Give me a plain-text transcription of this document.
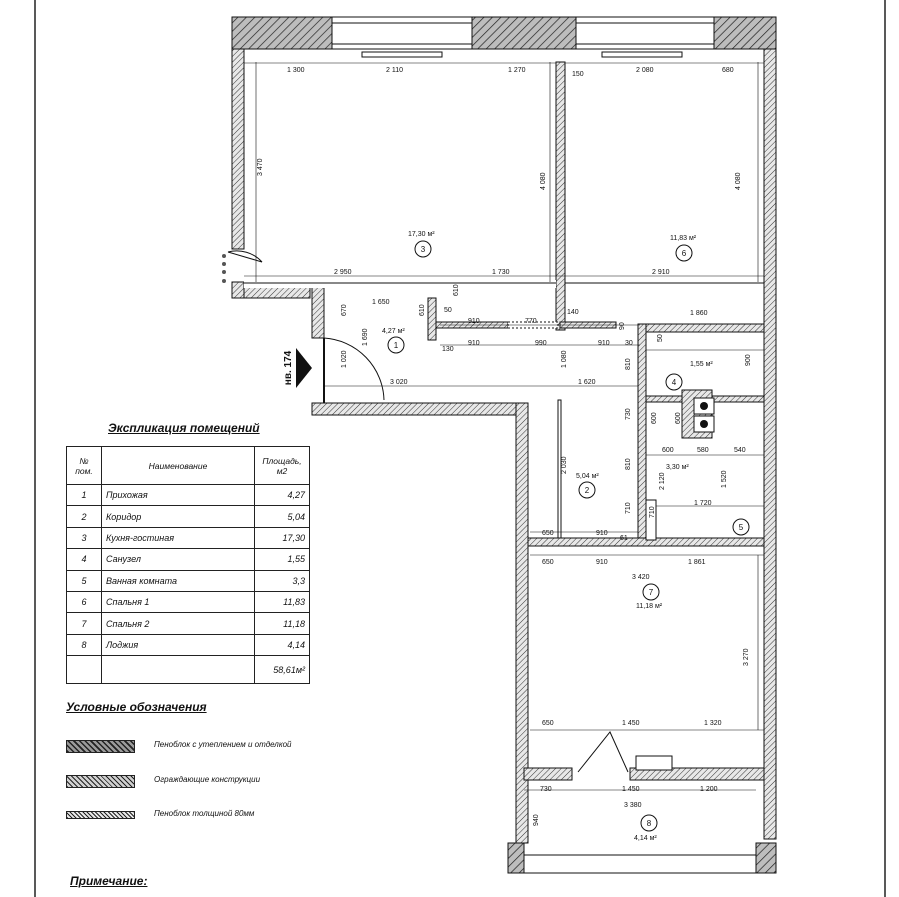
нв. 174
1 300	2 110	1 270
150
2 080	680
3 470
4 080	4 080
2 950	1 730	2 910
1 650
610
670	610	50
910	770
140	1 860
1 690
130
910	990	910 30
50
90
1 020
3 020	1 620
1 080	810	900
730	600 600
600	580	540
2 030	810
2 120	1 520
1 720
710 710
650	910
61
650	910	1 861
3 420
3 270
650	1 450	1 320
730	1 450	1 200
3 380
940
17,30 м²
3
11,83 м²
6
4,27 м²
1
1,55 м²
4
5,04 м²
2
3,30 м²
5
7
11,18 м²
8
4,14 м²
Экспликация помещений
№ пом.	Наименование	Площадь, м2
1	Прихожая	4,27
2	Коридор	5,04
3	Кухня-гостиная	17,30
4	Санузел	1,55
5	Ванная комната	3,3
6	Спальня 1	11,83
7	Спальня 2	11,18
8	Лоджия	4,14
		58,61м²
Условные обозначения
Пеноблок с утеплением и отделкой
Ограждающие конструкции
Пеноблок толщиной 80мм
Примечание:
